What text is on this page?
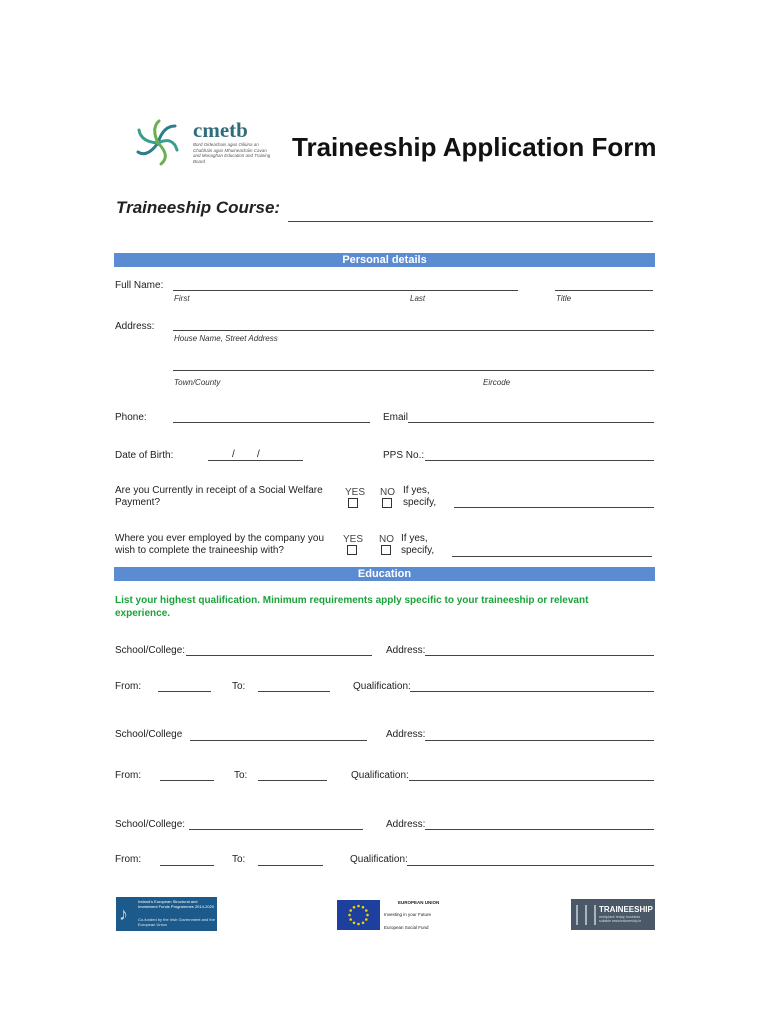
cmetb
Bord Oideachais agus Oiliúna an Chabháin agus Mhuineacháin Cavan and Monaghan Education and Training Board	Traineeship Application Form
Traineeship Course:
Personal details
Full Name:
First	Last	Title
Address:
House Name, Street Address
Town/County	Eircode
Phone:	Email
Date of Birth:	/        /	PPS No.:
Are you Currently in receipt of a Social Welfare Payment?
YES NO If yes, specify,
Where you ever employed by the company you wish to complete the traineeship with?
YES NO If yes, specify,
Education
List your highest qualification. Minimum requirements apply specific to your traineeship or relevant experience.
School/College:	Address:
From:	To:	Qualification:
School/College	Address:
From:	To:	Qualification:
School/College:	Address:
From:	To:	Qualification:
♪
Ireland's European Structural and Investment Funds Programmes 2014-2020
Co-funded by the Irish Government and the European Union
EUROPEAN UNION
Investing in your Future
European Social Fund
TRAINEESHIP
workplace ready, business suitable www.traineeship.ie
